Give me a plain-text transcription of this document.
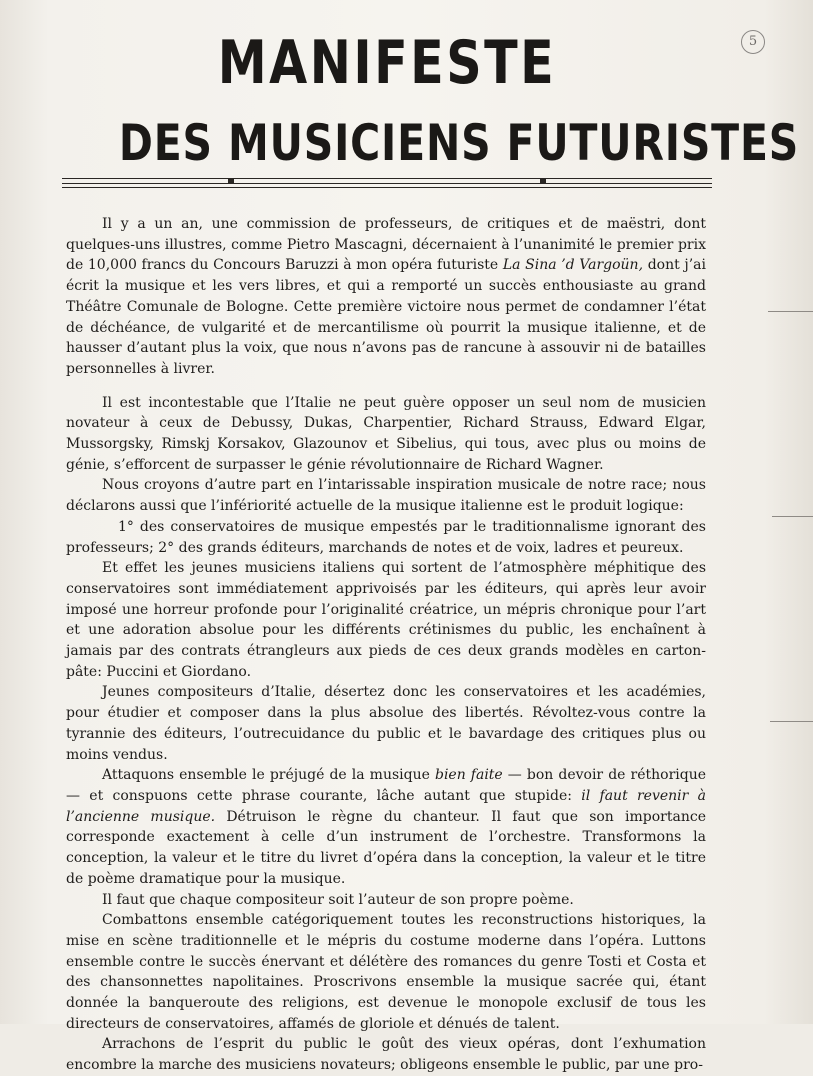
5
MANIFESTE
DES MUSICIENS FUTURISTES

Il y a un an, une commission de professeurs, de critiques et de maëstri, dont quelques-uns illustres, comme Pietro Mascagni, décernaient à l’unanimité le premier prix de 10,000 francs du Concours Baruzzi à mon opéra futuriste La Sina ’d Vargoün, dont j’ai écrit la musique et les vers libres, et qui a remporté un succès enthousiaste au grand Théâtre Comunale de Bologne. Cette première victoire nous permet de condamner l’état de déchéance, de vulgarité et de mercantilisme où pourrit la musique italienne, et de hausser d’autant plus la voix, que nous n’avons pas de rancune à assouvir ni de batailles personnelles à livrer.

Il est incontestable que l’Italie ne peut guère opposer un seul nom de musicien novateur à ceux de Debussy, Dukas, Charpentier, Richard Strauss, Edward Elgar, Mussorgsky, Rimskj Korsakov, Glazounov et Sibelius, qui tous, avec plus ou moins de génie, s’efforcent de surpasser le génie révolutionnaire de Richard Wagner.

Nous croyons d’autre part en l’intarissable inspiration musicale de notre race; nous déclarons aussi que l’infériorité actuelle de la musique italienne est le produit logique:

1° des conservatoires de musique empestés par le traditionnalisme ignorant des professeurs; 2° des grands éditeurs, marchands de notes et de voix, ladres et peureux.

Et effet les jeunes musiciens italiens qui sortent de l’atmosphère méphitique des conservatoires sont immédiatement apprivoisés par les éditeurs, qui après leur avoir imposé une horreur profonde pour l’originalité créatrice, un mépris chronique pour l’art et une adoration absolue pour les différents crétinismes du public, les enchaînent à jamais par des contrats étrangleurs aux pieds de ces deux grands modèles en carton-pâte: Puccini et Giordano.

Jeunes compositeurs d’Italie, désertez donc les conservatoires et les académies, pour étudier et composer dans la plus absolue des libertés. Révoltez-vous contre la tyrannie des éditeurs, l’outrecuidance du public et le bavardage des critiques plus ou moins vendus.

Attaquons ensemble le préjugé de la musique bien faite — bon devoir de réthorique — et conspuons cette phrase courante, lâche autant que stupide: il faut revenir à l’ancienne musique. Détruison le règne du chanteur. Il faut que son importance corresponde exactement à celle d’un instrument de l’orchestre. Transformons la conception, la valeur et le titre du livret d’opéra dans la conception, la valeur et le titre de poème dramatique pour la musique.

Il faut que chaque compositeur soit l’auteur de son propre poème.

Combattons ensemble catégoriquement toutes les reconstructions historiques, la mise en scène traditionnelle et le mépris du costume moderne dans l’opéra. Luttons ensemble contre le succès énervant et délétère des romances du genre Tosti et Costa et des chansonnettes napolitaines. Proscrivons ensemble la musique sacrée qui, étant donnée la banqueroute des religions, est devenue le monopole exclusif de tous les directeurs de conservatoires, affamés de gloriole et dénués de talent.

Arrachons de l’esprit du public le goût des vieux opéras, dont l’exhumation encombre la marche des musiciens novateurs; obligeons ensemble le public, par une pro-
